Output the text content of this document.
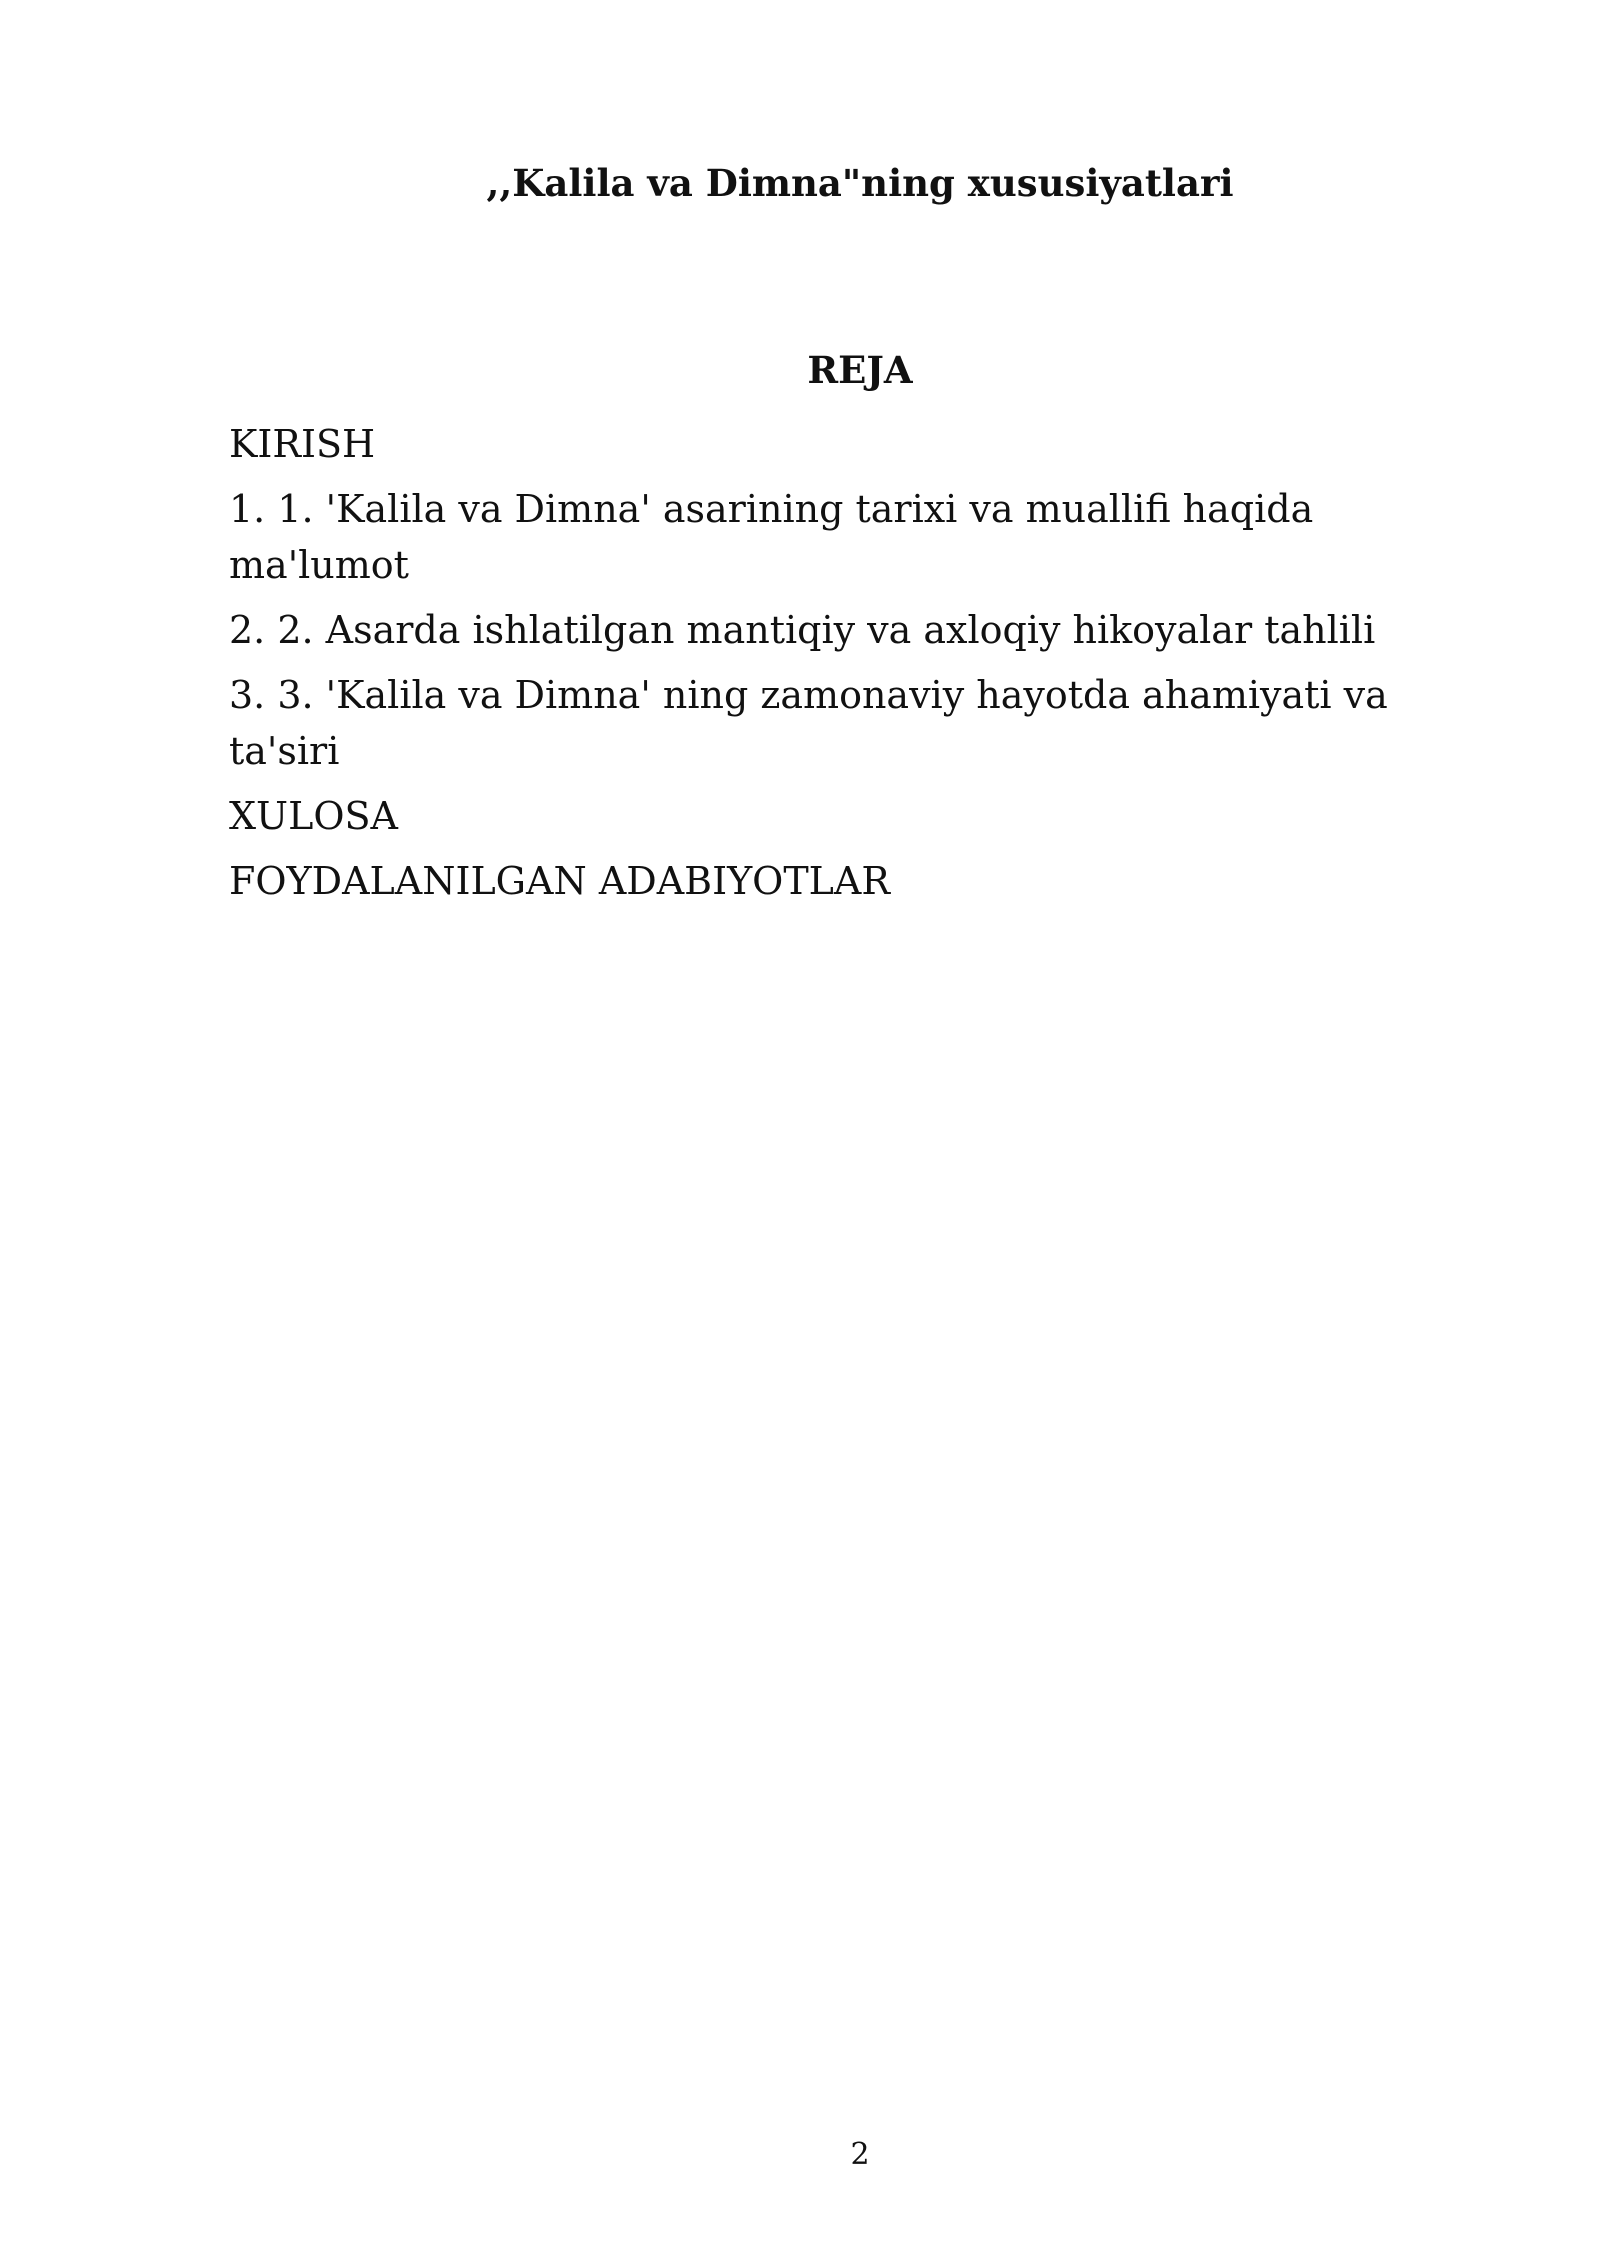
,,Kalila va Dimna"ning xususiyatlari
REJA
KIRISH
1. 1. 'Kalila va Dimna' asarining tarixi va muallifi haqida ma'lumot
2. 2. Asarda ishlatilgan mantiqiy va axloqiy hikoyalar tahlili
3. 3. 'Kalila va Dimna' ning zamonaviy hayotda ahamiyati va ta'siri
XULOSA
FOYDALANILGAN ADABIYOTLAR
2
